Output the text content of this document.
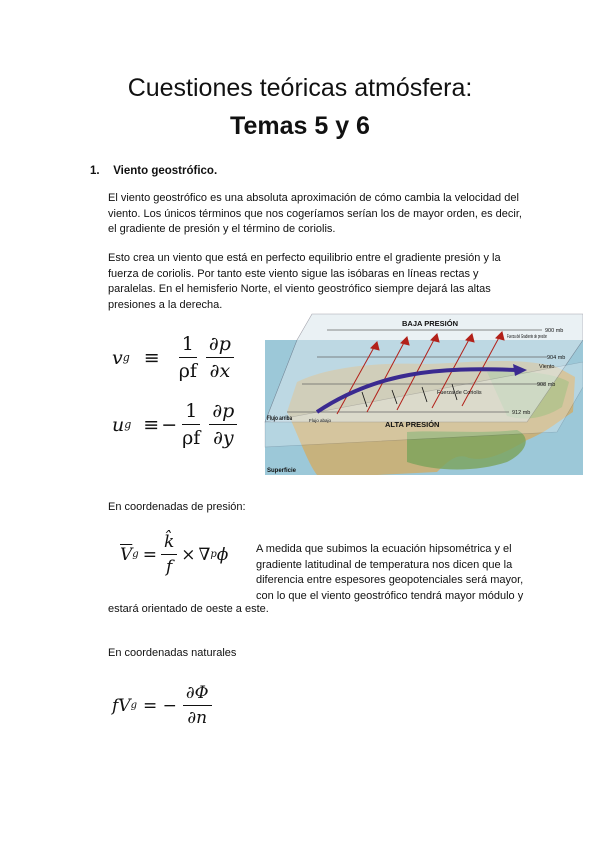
Cuestiones teóricas atmósfera:
Temas 5 y 6
1. Viento geostrófico.
El viento geostrófico es una absoluta aproximación de cómo cambia la velocidad del viento. Los únicos términos que nos cogeríamos serían los de mayor orden, es decir, el gradiente de presión y el término de coriolis.
Esto crea un viento que está en perfecto equilibrio entre el gradiente presión y la fuerza de coriolis. Por tanto este viento sigue las isóbaras en líneas rectas y paralelas. En el hemisferio Norte, el viento geostrófico siempre dejará las altas presiones a la derecha.
v $g \equiv \frac{1}{\rho f} \frac{\partial p}{\partial x}$
u g ≡ − $\frac{1}{\rho f} \frac{\partial p}{\partial y}$
BAJA PRESIÓN
ALTA PRESIÓN
Fuerza del Gradiente de presión
Viento
Fuerza de Coriolis
Flujo arriba	Flujo abajo
Superficie
900 mb
904 mb
908 mb
912 mb
En coordenadas de presión:
$\overline{V}$ $g = \frac{k̂}{f}$ × ∇ p ϕ	A medida que subimos la ecuación hipsométrica y el gradiente latitudinal de temperatura nos dicen que la diferencia entre espesores geopotenciales será mayor, con lo que el viento geostrófico tendrá mayor módulo y
estará orientado de oeste a este.
En coordenadas naturales
fV g = − $\frac{\partial\Phi}{\partial n}$
